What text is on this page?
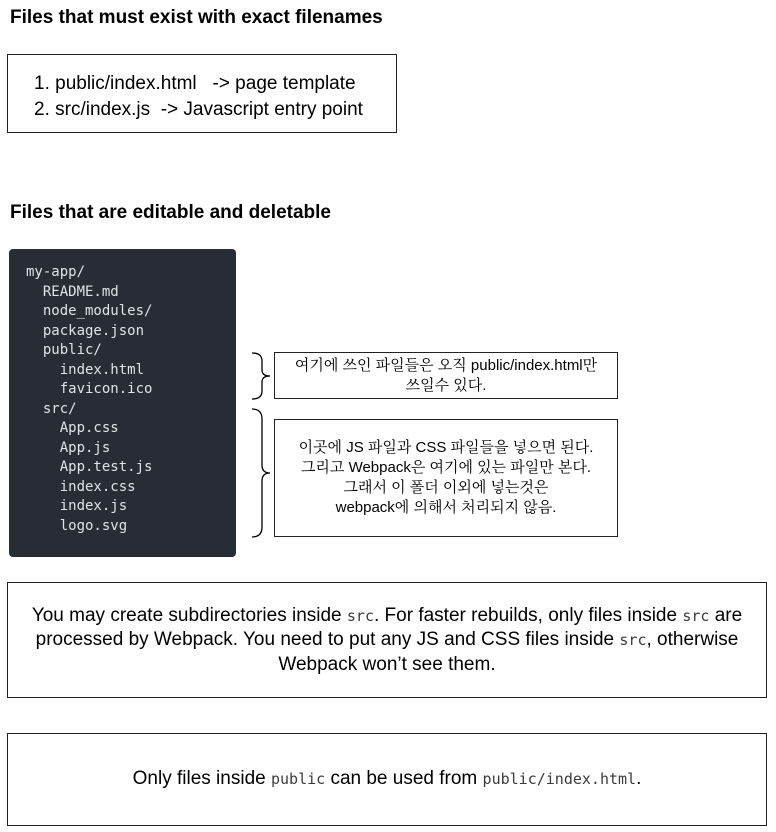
Files that must exist with exact filenames
1. public/index.html   -> page template
2. src/index.js  -> Javascript entry point
Files that are editable and deletable
my-app/
README.md
node_modules/
package.json
public/
index.html
favicon.ico
src/
App.css
App.js
App.test.js
index.css
index.js
logo.svg
여기에 쓰인 파일들은 오직 public/index.html만
쓰일수 있다.
이곳에 JS 파일과 CSS 파일들을 넣으면 된다.
그리고 Webpack은 여기에 있는 파일만 본다.
그래서 이 폴더 이외에 넣는것은
webpack에 의해서 처리되지 않음.

You may create subdirectories inside src. For faster rebuilds, only files inside src are processed by Webpack. You need to put any JS and CSS files inside src, otherwise Webpack won’t see them.

Only files inside public can be used from public/index.html.
